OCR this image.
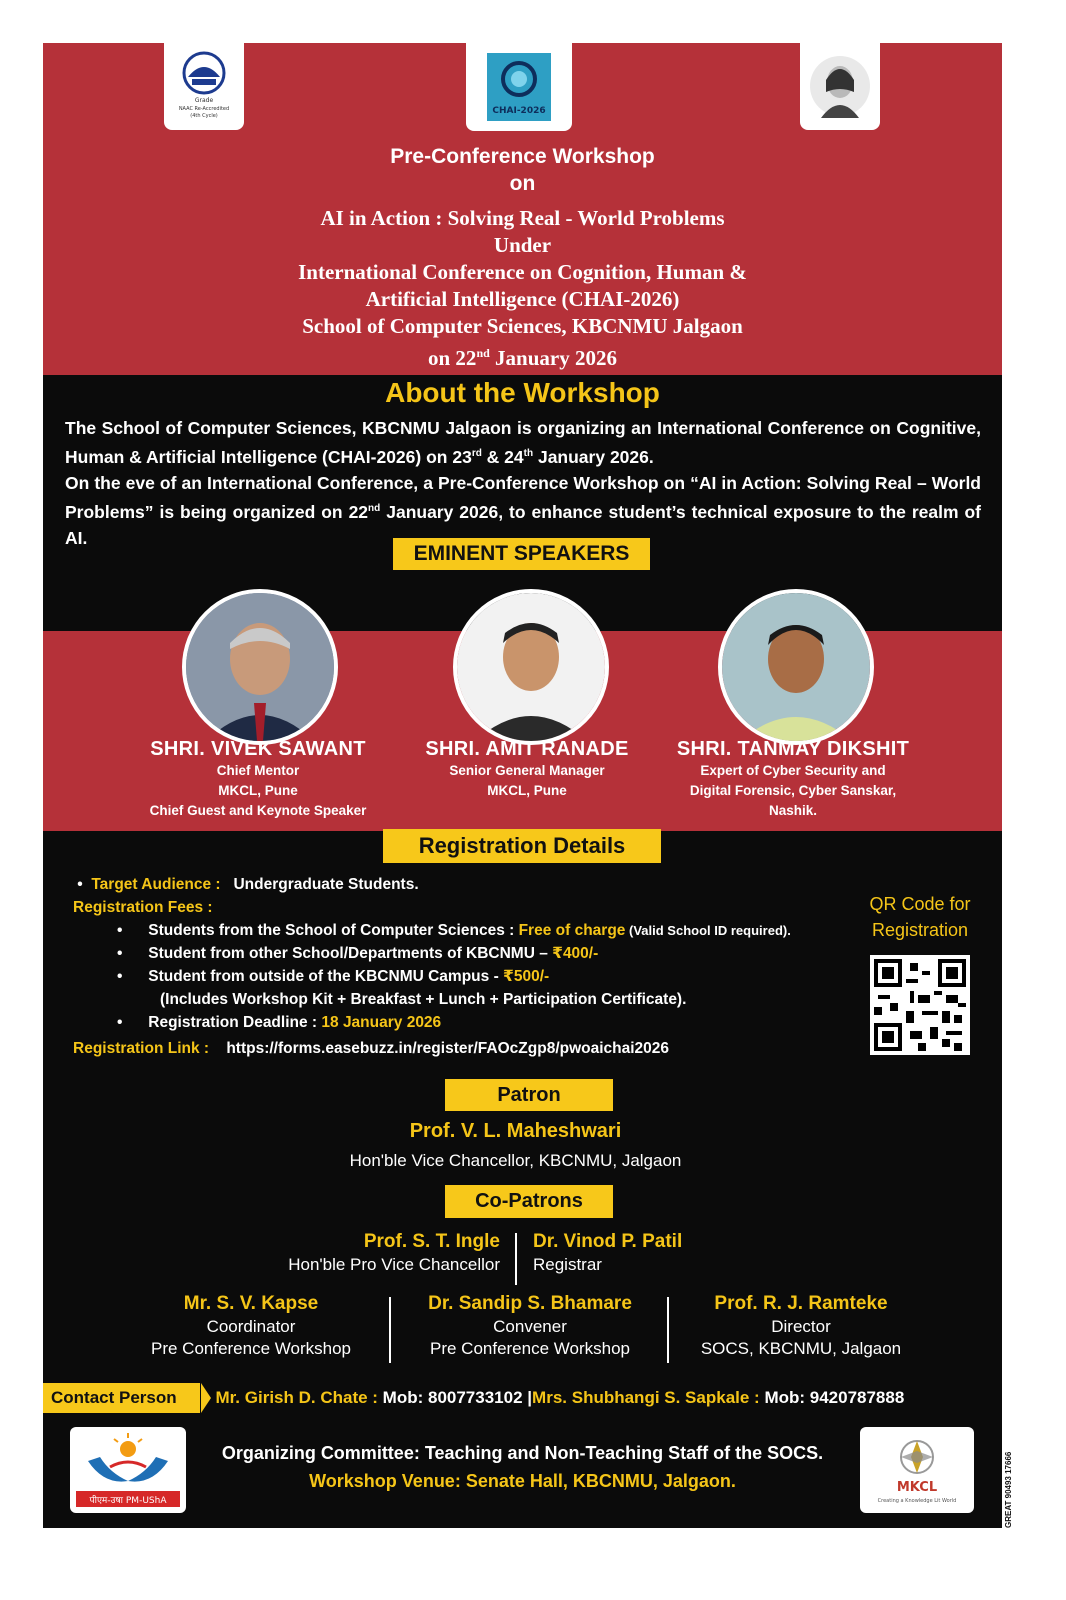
Grade
NAAC Re-Accredited
(4th Cycle)	CHAI-2026
Pre-Conference Workshop
on
AI in Action : Solving Real - World Problems
Under
International Conference on Cognition, Human &
Artificial Intelligence (CHAI-2026)
School of Computer Sciences, KBCNMU Jalgaon
on 22nd January 2026
About the Workshop
The School of Computer Sciences, KBCNMU Jalgaon is organizing an International Conference on Cognitive, Human & Artificial Intelligence (CHAI-2026) on 23rd & 24th January 2026.
On the eve of an International Conference, a Pre-Conference Workshop on “AI in Action: Solving Real – World Problems” is being organized on 22nd January 2026, to enhance student’s technical exposure to the realm of AI.
EMINENT SPEAKERS
SHRI. VIVEK SAWANT
Chief Mentor
MKCL, Pune
Chief Guest and Keynote Speaker
SHRI. AMIT RANADE
Senior General Manager
MKCL, Pune
SHRI. TANMAY DIKSHIT
Expert of Cyber Security and
Digital Forensic, Cyber Sanskar,
Nashik.
Registration Details
•  Target Audience : Undergraduate Students.
Registration Fees :
•      Students from the School of Computer Sciences : Free of charge (Valid School ID required).
•      Student from other School/Departments of KBCNMU – ₹400/-
•      Student from outside of the KBCNMU Campus - ₹500/-
(Includes Workshop Kit + Breakfast + Lunch + Participation Certificate).
•      Registration Deadline : 18 January 2026
Registration Link : https://forms.easebuzz.in/register/FAOcZgp8/pwoaichai2026
QR Code for
Registration
Patron
Prof. V. L. Maheshwari
Hon'ble Vice Chancellor, KBCNMU, Jalgaon
Co-Patrons
Prof. S. T. Ingle
Hon'ble Pro Vice Chancellor
Dr. Vinod P. Patil
Registrar
Mr. S. V. Kapse
Coordinator
Pre Conference Workshop
Dr. Sandip S. Bhamare
Convener
Pre Conference Workshop
Prof. R. J. Ramteke
Director
SOCS, KBCNMU, Jalgaon
Contact Person Mr. Girish D. Chate : Mob: 8007733102 |Mrs. Shubhangi S. Sapkale : Mob: 9420787888
पीएम-उषा PM-UShA
Organizing Committee: Teaching and Non-Teaching Staff of the SOCS.
Workshop Venue: Senate Hall, KBCNMU, Jalgaon.	MKCL
Creating a Knowledge Lit World	GREAT 90493 17666
